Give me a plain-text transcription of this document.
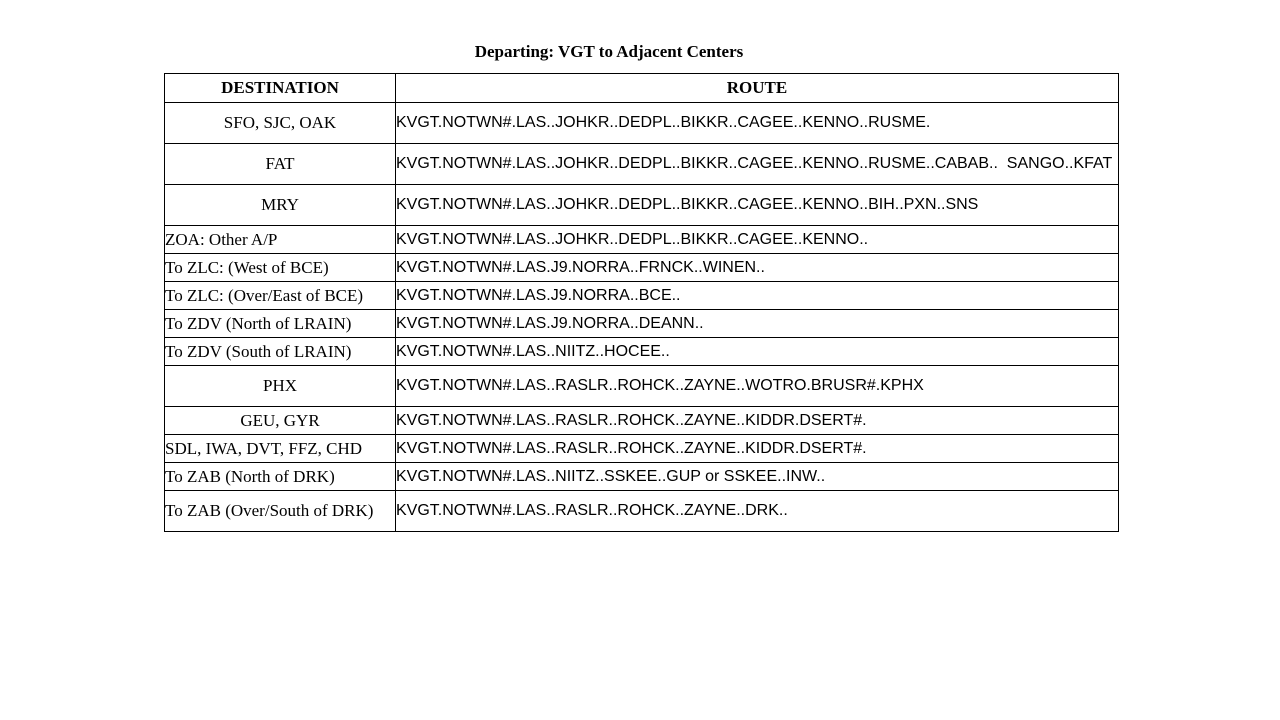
Departing: VGT to Adjacent Centers
DESTINATION	ROUTE
SFO, SJC, OAK	KVGT.NOTWN#.LAS..JOHKR..DEDPL..BIKKR..CAGEE..KENNO..RUSME.
FAT	KVGT.NOTWN#.LAS..JOHKR..DEDPL..BIKKR..CAGEE..KENNO..RUSME..CABAB..  SANGO..KFAT
MRY	KVGT.NOTWN#.LAS..JOHKR..DEDPL..BIKKR..CAGEE..KENNO..BIH..PXN..SNS
ZOA: Other A/P	KVGT.NOTWN#.LAS..JOHKR..DEDPL..BIKKR..CAGEE..KENNO..
To ZLC: (West of BCE)	KVGT.NOTWN#.LAS.J9.NORRA..FRNCK..WINEN..
To ZLC: (Over/East of BCE)	KVGT.NOTWN#.LAS.J9.NORRA..BCE..
To ZDV (North of LRAIN)	KVGT.NOTWN#.LAS.J9.NORRA..DEANN..
To ZDV (South of LRAIN)	KVGT.NOTWN#.LAS..NIITZ..HOCEE..
PHX	KVGT.NOTWN#.LAS..RASLR..ROHCK..ZAYNE..WOTRO.BRUSR#.KPHX
GEU, GYR	KVGT.NOTWN#.LAS..RASLR..ROHCK..ZAYNE..KIDDR.DSERT#.
SDL, IWA, DVT, FFZ, CHD	KVGT.NOTWN#.LAS..RASLR..ROHCK..ZAYNE..KIDDR.DSERT#.
To ZAB (North of DRK)	KVGT.NOTWN#.LAS..NIITZ..SSKEE..GUP or SSKEE..INW..
To ZAB (Over/South of DRK)	KVGT.NOTWN#.LAS..RASLR..ROHCK..ZAYNE..DRK..
